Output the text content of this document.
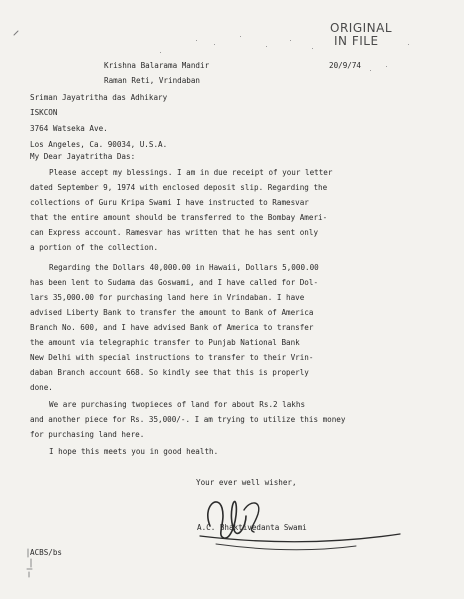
ORIGINAL
IN FILE
Krishna Balarama Mandir	20/9/74
Raman Reti, Vrindaban
Sriman Jayatritha das Adhikary
ISKCON
3764 Watseka Ave.
Los Angeles, Ca. 90034, U.S.A.
My Dear Jayatritha Das:
Please accept my blessings. I am in due receipt of your letter
dated September 9, 1974 with enclosed deposit slip. Regarding the
collections of Guru Kripa Swami I have instructed to Ramesvar
that the entire amount should be transferred to the Bombay Ameri-
can Express account. Ramesvar has written that he has sent only
a portion of the collection.
Regarding the Dollars 40,000.00 in Hawaii, Dollars 5,000.00
has been lent to Sudama das Goswami, and I have called for Dol-
lars 35,000.00 for purchasing land here in Vrindaban. I have
advised Liberty Bank to transfer the amount to Bank of America
Branch No. 600, and I have advised Bank of America to transfer
the amount via telegraphic transfer to Punjab National Bank
New Delhi with special instructions to transfer to their Vrin-
daban Branch account 668. So kindly see that this is properly
done.
We are purchasing twopieces of land for about Rs.2 lakhs
and another piece for Rs. 35,000/-. I am trying to utilize this money
for purchasing land here.
I hope this meets you in good health.
Your ever well wisher,
A.C. Bhaktivedanta Swami
ACBS/bs
